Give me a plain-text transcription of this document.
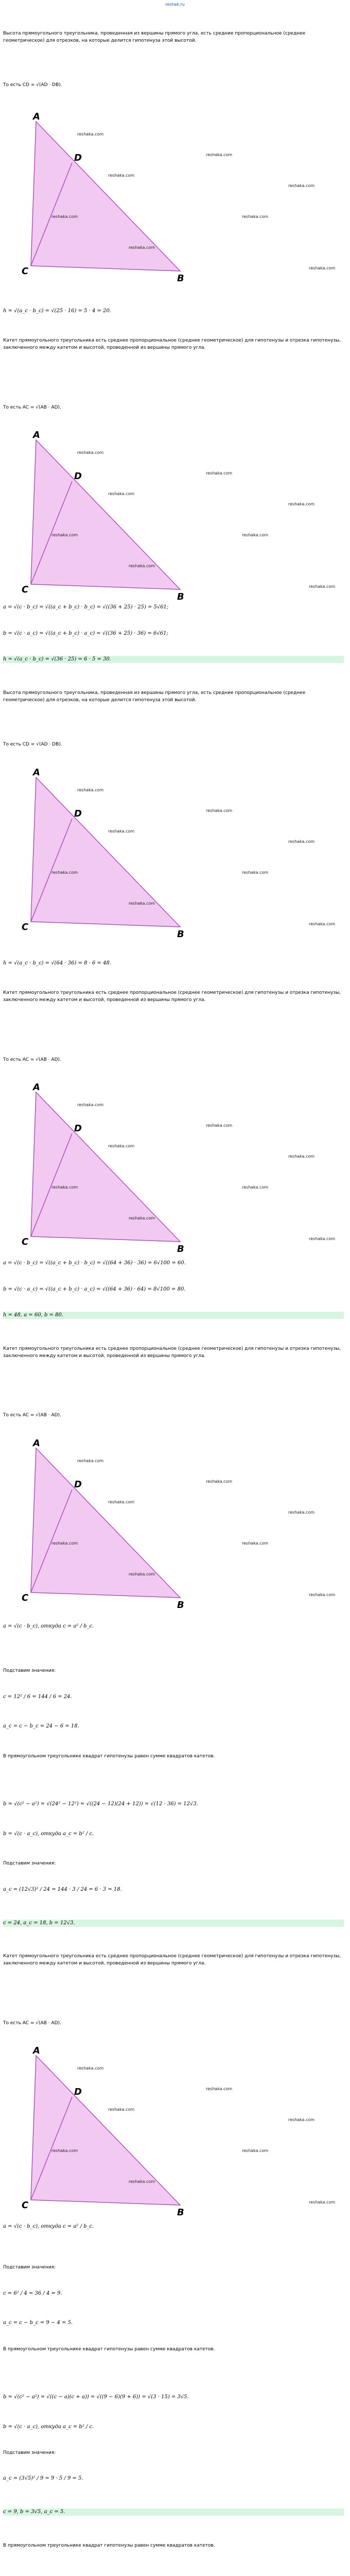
reshak.ru
Высота прямоугольного треугольника, проведенная из вершины прямого угла, есть средние пропорциональное (среднее геометрическое) для отрезков, на которые делится гипотенуза этой высотой.
То есть CD = √(AD · DB).
h = √(a_c · b_c) = √(25 · 16) = 5 · 4 = 20.
Катет прямоугольного треугольника есть среднее пропорциональное (среднее геометрическое) для гипотенузы и отрезка гипотенузы, заключенного между катетом и высотой, проведенной из вершины прямого угла.
То есть AC = √(AB · AD).
a = √(c · b_c) = √((a_c + b_c) · b_c) = √((36 + 25) · 25) = 5√61;
b = √(c · a_c) = √((a_c + b_c) · a_c) = √((36 + 25) · 36) = 6√61;
h = √(a_c · b_c) = √(36 · 25) = 6 · 5 = 30.
Высота прямоугольного треугольника, проведенная из вершины прямого угла, есть средние пропорциональное (среднее геометрическое) для отрезков, на которые делится гипотенуза этой высотой.
То есть CD = √(AD · DB).
h = √(a_c · b_c) = √(64 · 36) = 8 · 6 = 48.
Катет прямоугольного треугольника есть среднее пропорциональное (среднее геометрическое) для гипотенузы и отрезка гипотенузы, заключенного между катетом и высотой, проведенной из вершины прямого угла.
То есть AC = √(AB · AD).
a = √(c · b_c) = √((a_c + b_c) · b_c) = √((64 + 36) · 36) = 6√100 = 60.
b = √(c · a_c) = √((a_c + b_c) · a_c) = √((64 + 36) · 64) = 8√100 = 80.
h = 48, a = 60, b = 80.
Катет прямоугольного треугольника есть среднее пропорциональное (среднее геометрическое) для гипотенузы и отрезка гипотенузы, заключенного между катетом и высотой, проведенной из вершины прямого угла.
То есть AC = √(AB · AD).
a = √(c · b_c), откуда c = a² / b_c.
Подставим значения:
c = 12² / 6 = 144 / 6 = 24.
a_c = c − b_c = 24 − 6 = 18.
В прямоугольном треугольнике квадрат гипотенузы равен сумме квадратов катетов.
b = √(c² − a²) = √(24² − 12²) = √((24 − 12)(24 + 12)) = √(12 · 36) = 12√3.
b = √(c · a_c), откуда a_c = b² / c.
Подставим значения:
a_c = (12√3)² / 24 = 144 · 3 / 24 = 6 · 3 = 18.
c = 24, a_c = 18, b = 12√3.
Катет прямоугольного треугольника есть среднее пропорциональное (среднее геометрическое) для гипотенузы и отрезка гипотенузы, заключенного между катетом и высотой, проведенной из вершины прямого угла.
То есть AC = √(AB · AD).
a = √(c · b_c), откуда c = a² / b_c.
Подставим значения:
c = 6² / 4 = 36 / 4 = 9.
a_c = c − b_c = 9 − 4 = 5.
В прямоугольном треугольнике квадрат гипотенузы равен сумме квадратов катетов.
b = √(c² − a²) = √((c − a)(c + a)) = √((9 − 6)(9 + 6)) = √(3 · 15) = 3√5.
b = √(c · a_c), откуда a_c = b² / c.
Подставим значения:
a_c = (3√5)² / 9 = 9 · 5 / 9 = 5.
c = 9, b = 3√5, a_c = 5.
В прямоугольном треугольнике квадрат гипотенузы равен сумме квадратов катетов.
A
D
C
B
reshaka.com
reshaka.com
reshaka.com
reshaka.com
reshaka.com
reshaka.com
reshaka.com
reshaka.com
A
D
C
B
reshaka.com
reshaka.com
reshaka.com
reshaka.com
reshaka.com
reshaka.com
reshaka.com
reshaka.com
A
D
C
B
reshaka.com
reshaka.com
reshaka.com
reshaka.com
reshaka.com
reshaka.com
reshaka.com
reshaka.com
A
D
C
B
reshaka.com
reshaka.com
reshaka.com
reshaka.com
reshaka.com
reshaka.com
reshaka.com
reshaka.com
A
D
C
B
reshaka.com
reshaka.com
reshaka.com
reshaka.com
reshaka.com
reshaka.com
reshaka.com
reshaka.com
A
D
C
B
reshaka.com
reshaka.com
reshaka.com
reshaka.com
reshaka.com
reshaka.com
reshaka.com
reshaka.com
